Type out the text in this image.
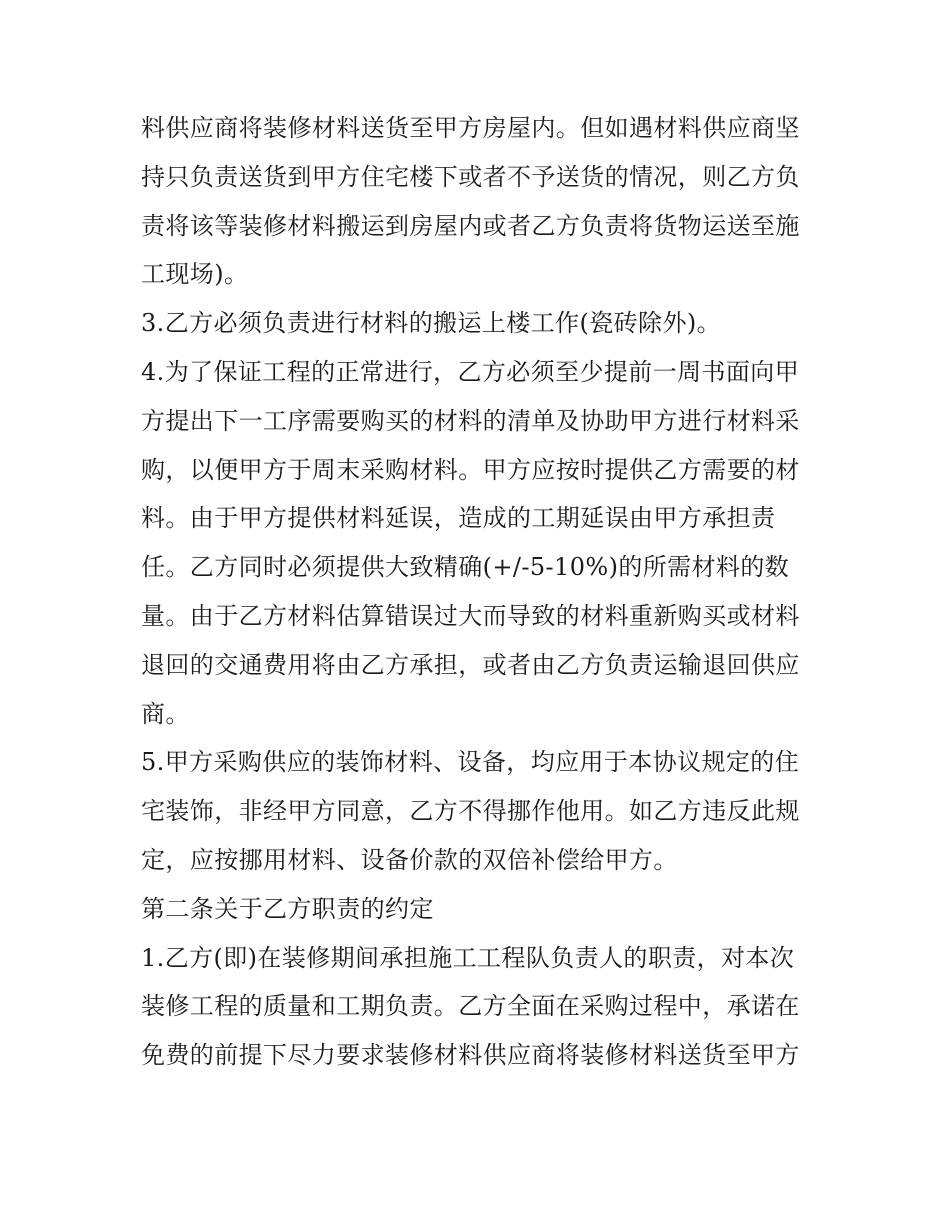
料供应商将装修材料送货至甲方房屋内。但如遇材料供应商坚
持只负责送货到甲方住宅楼下或者不予送货的情况，则乙方负
责将该等装修材料搬运到房屋内或者乙方负责将货物运送至施
工现场)。
3.乙方必须负责进行材料的搬运上楼工作(瓷砖除外)。
4.为了保证工程的正常进行，乙方必须至少提前一周书面向甲
方提出下一工序需要购买的材料的清单及协助甲方进行材料采
购，以便甲方于周末采购材料。甲方应按时提供乙方需要的材
料。由于甲方提供材料延误，造成的工期延误由甲方承担责
任。乙方同时必须提供大致精确(+/-5-10%)的所需材料的数
量。由于乙方材料估算错误过大而导致的材料重新购买或材料
退回的交通费用将由乙方承担，或者由乙方负责运输退回供应
商。
5.甲方采购供应的装饰材料、设备，均应用于本协议规定的住
宅装饰，非经甲方同意，乙方不得挪作他用。如乙方违反此规
定，应按挪用材料、设备价款的双倍补偿给甲方。
第二条关于乙方职责的约定
1.乙方(即)在装修期间承担施工工程队负责人的职责，对本次
装修工程的质量和工期负责。乙方全面在采购过程中，承诺在
免费的前提下尽力要求装修材料供应商将装修材料送货至甲方
